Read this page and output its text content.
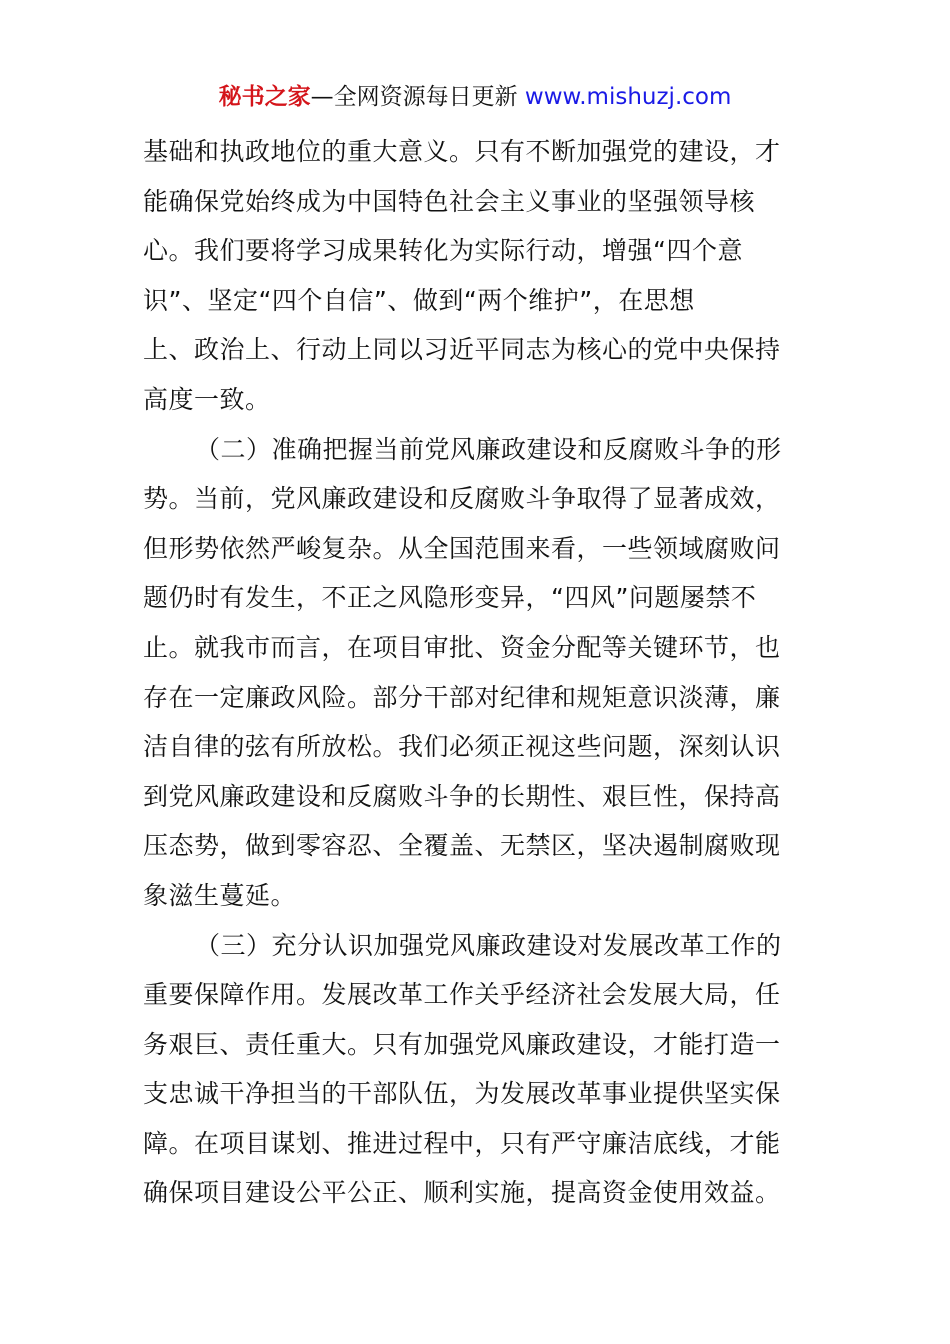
秘书之家—全网资源每日更新 www.mishuzj.com
基础和执政地位的重大意义。只有不断加强党的建设，才
能确保党始终成为中国特色社会主义事业的坚强领导核
心。我们要将学习成果转化为实际行动，增强“四个意
识”、坚定“四个自信”、做到“两个维护”，在思想
上、政治上、行动上同以习近平同志为核心的党中央保持
高度一致。
（二）准确把握当前党风廉政建设和反腐败斗争的形
势。当前，党风廉政建设和反腐败斗争取得了显著成效，
但形势依然严峻复杂。从全国范围来看，一些领域腐败问
题仍时有发生，不正之风隐形变异，“四风”问题屡禁不
止。就我市而言，在项目审批、资金分配等关键环节，也
存在一定廉政风险。部分干部对纪律和规矩意识淡薄，廉
洁自律的弦有所放松。我们必须正视这些问题，深刻认识
到党风廉政建设和反腐败斗争的长期性、艰巨性，保持高
压态势，做到零容忍、全覆盖、无禁区，坚决遏制腐败现
象滋生蔓延。
（三）充分认识加强党风廉政建设对发展改革工作的
重要保障作用。发展改革工作关乎经济社会发展大局，任
务艰巨、责任重大。只有加强党风廉政建设，才能打造一
支忠诚干净担当的干部队伍，为发展改革事业提供坚实保
障。在项目谋划、推进过程中，只有严守廉洁底线，才能
确保项目建设公平公正、顺利实施，提高资金使用效益。
